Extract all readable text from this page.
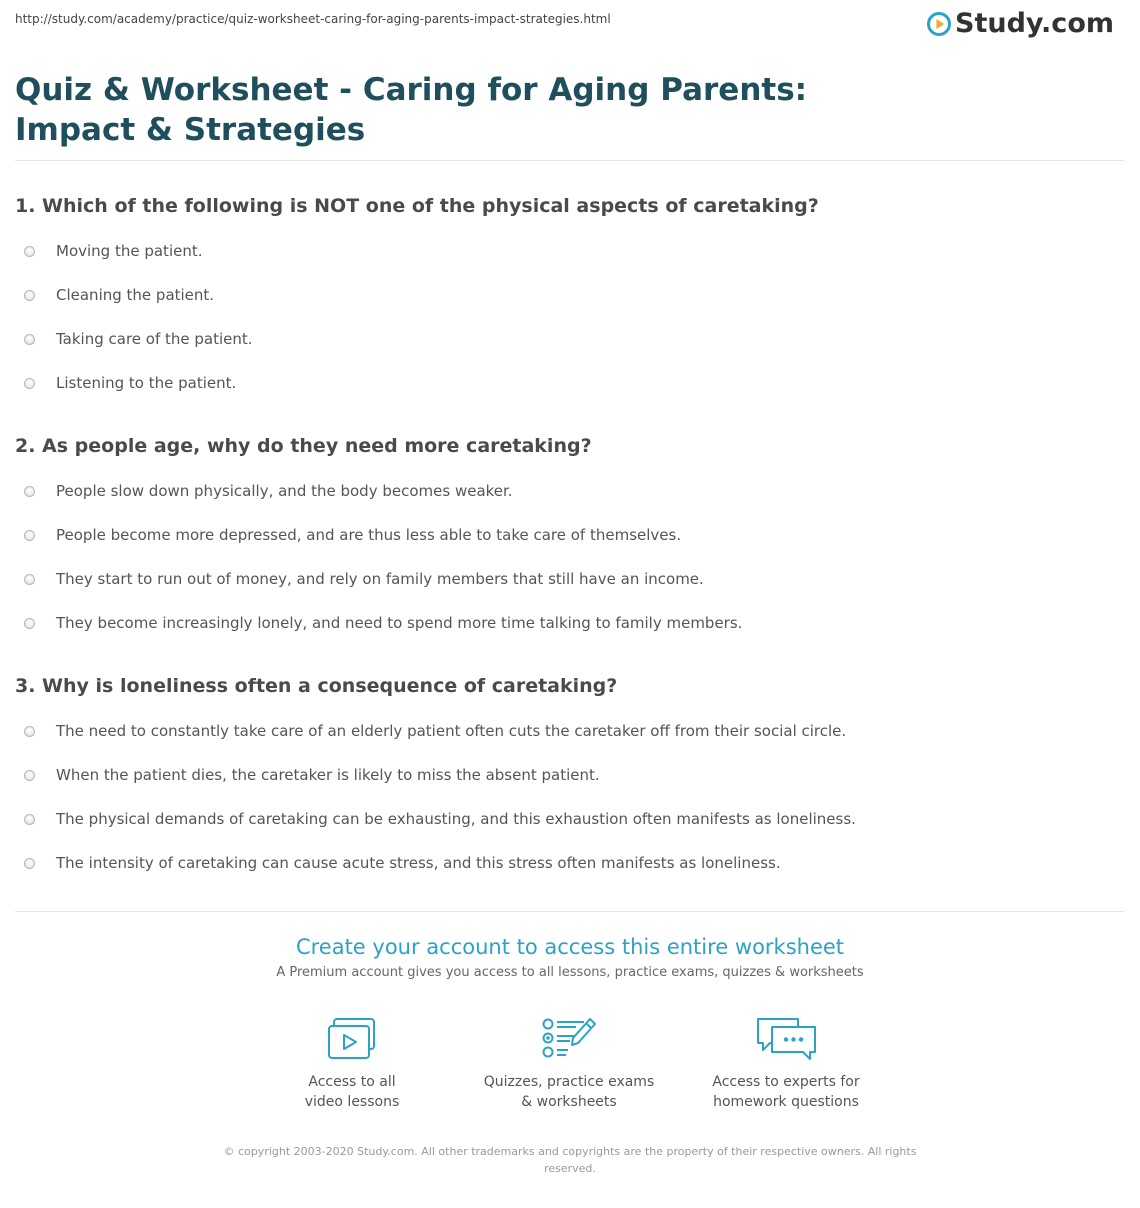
http://study.com/academy/practice/quiz-worksheet-caring-for-aging-parents-impact-strategies.html	Study.com
Quiz & Worksheet - Caring for Aging Parents: Impact & Strategies

1. Which of the following is NOT one of the physical aspects of caretaking?

Moving the patient.
Cleaning the patient.
Taking care of the patient.
Listening to the patient.

2. As people age, why do they need more caretaking?

People slow down physically, and the body becomes weaker.
People become more depressed, and are thus less able to take care of themselves.
They start to run out of money, and rely on family members that still have an income.
They become increasingly lonely, and need to spend more time talking to family members.

3. Why is loneliness often a consequence of caretaking?

The need to constantly take care of an elderly patient often cuts the caretaker off from their social circle.
When the patient dies, the caretaker is likely to miss the absent patient.
The physical demands of caretaking can be exhausting, and this exhaustion often manifests as loneliness.
The intensity of caretaking can cause acute stress, and this stress often manifests as loneliness.

Create your account to access this entire worksheet

A Premium account gives you access to all lessons, practice exams, quizzes & worksheets
Access to all
video lessons
Quizzes, practice exams
& worksheets
Access to experts for
homework questions
© copyright 2003-2020 Study.com. All other trademarks and copyrights are the property of their respective owners. All rights reserved.
